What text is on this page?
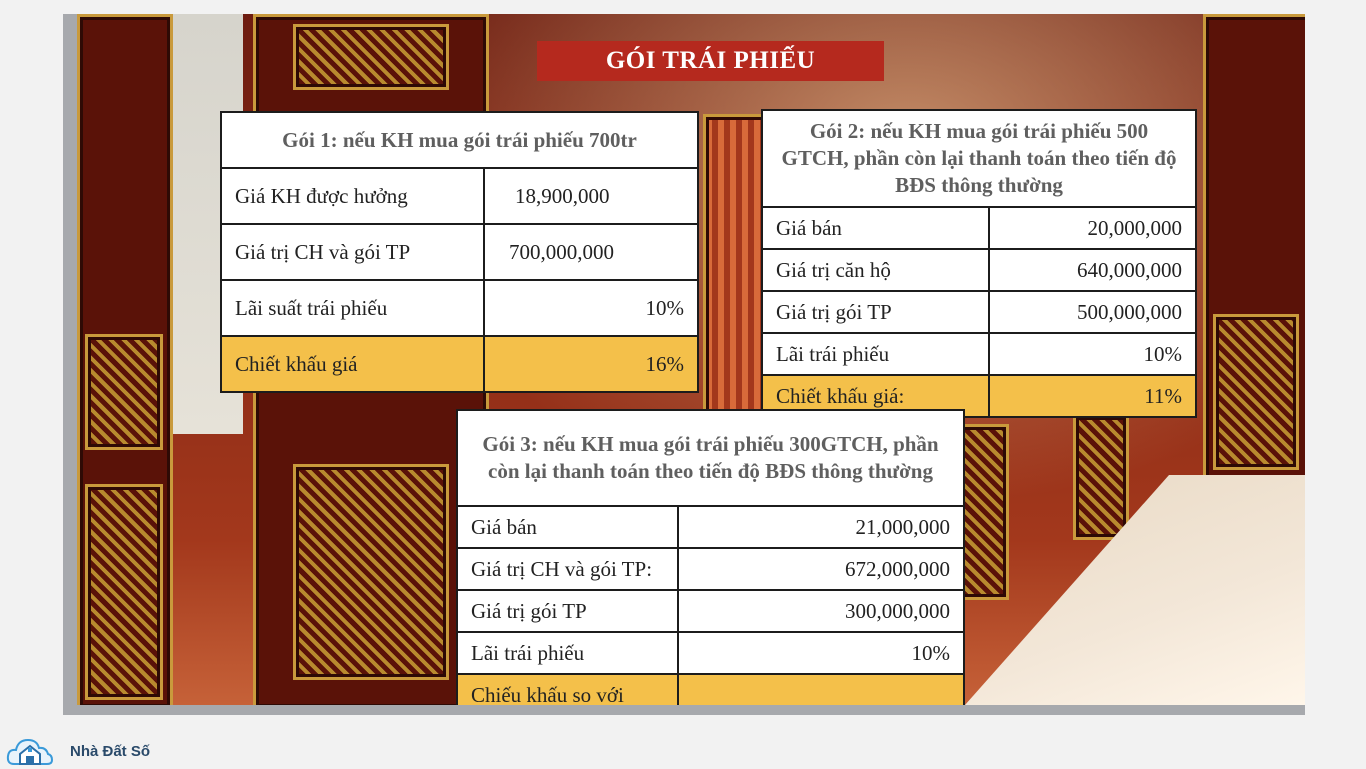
GÓI TRÁI PHIẾU
Gói 1: nếu KH mua gói trái phiếu 700tr	
Giá KH được hưởng	18,900,000
Giá trị CH và gói TP	700,000,000
Lãi suất trái phiếu	10%
Chiết khấu giá	16%
Gói 2: nếu KH mua gói trái phiếu 500 GTCH, phần còn lại thanh toán theo tiến độ BĐS thông thường	
Giá bán	20,000,000
Giá trị căn hộ	640,000,000
Giá trị gói TP	500,000,000
Lãi trái phiếu	10%
Chiết khấu giá:	11%
Gói 3: nếu KH mua gói trái phiếu 300GTCH, phần còn lại thanh toán theo tiến độ BĐS thông thường	
Giá bán	21,000,000
Giá trị CH và gói TP:	672,000,000
Giá trị gói TP	300,000,000
Lãi trái phiếu	10%
Chiếu khấu so với	
Nhà Đất Số
